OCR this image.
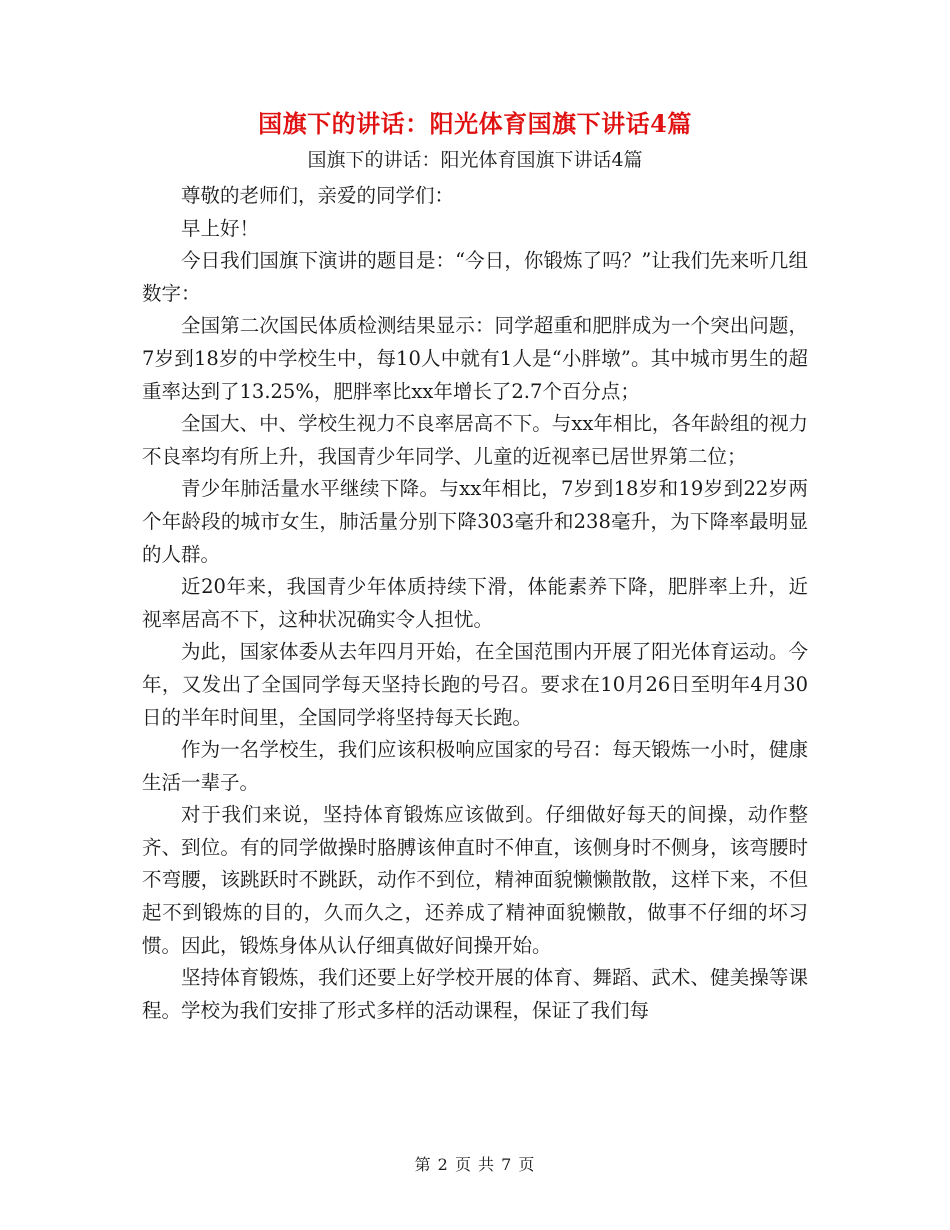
国旗下的讲话：阳光体育国旗下讲话4篇
国旗下的讲话：阳光体育国旗下讲话4篇

尊敬的老师们，亲爱的同学们：

早上好！

今日我们国旗下演讲的题目是：“今日，你锻炼了吗？”让我们先来听几组数字：

全国第二次国民体质检测结果显示：同学超重和肥胖成为一个突出问题，7岁到18岁的中学校生中，每10人中就有1人是“小胖墩”。其中城市男生的超重率达到了13.25%，肥胖率比xx年增长了2.7个百分点；

全国大、中、学校生视力不良率居高不下。与xx年相比，各年龄组的视力不良率均有所上升，我国青少年同学、儿童的近视率已居世界第二位；

青少年肺活量水平继续下降。与xx年相比，7岁到18岁和19岁到22岁两个年龄段的城市女生，肺活量分别下降303毫升和238毫升，为下降率最明显的人群。

近20年来，我国青少年体质持续下滑，体能素养下降，肥胖率上升，近视率居高不下，这种状况确实令人担忧。

为此，国家体委从去年四月开始，在全国范围内开展了阳光体育运动。今年，又发出了全国同学每天坚持长跑的号召。要求在10月26日至明年4月30日的半年时间里，全国同学将坚持每天长跑。

作为一名学校生，我们应该积极响应国家的号召：每天锻炼一小时，健康生活一辈子。

对于我们来说，坚持体育锻炼应该做到。仔细做好每天的间操，动作整齐、到位。有的同学做操时胳膊该伸直时不伸直，该侧身时不侧身，该弯腰时不弯腰，该跳跃时不跳跃，动作不到位，精神面貌懒懒散散，这样下来，不但起不到锻炼的目的，久而久之，还养成了精神面貌懒散，做事不仔细的坏习惯。因此，锻炼身体从认仔细真做好间操开始。

坚持体育锻炼，我们还要上好学校开展的体育、舞蹈、武术、健美操等课程。学校为我们安排了形式多样的活动课程，保证了我们每

第 2 页 共 7 页
